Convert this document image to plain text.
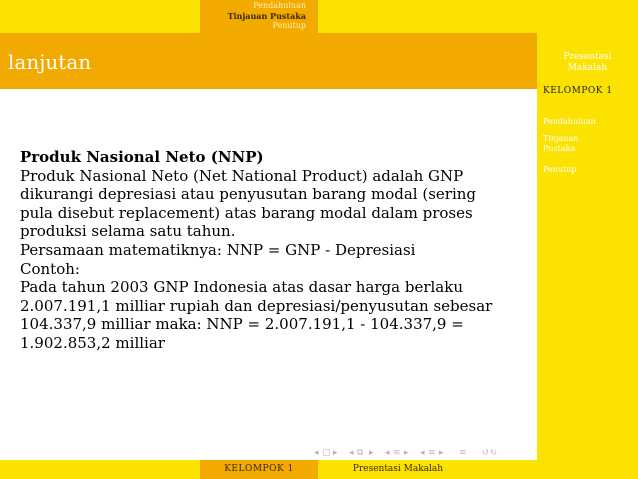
Pendahuluan
Tinjauan Pustaka
Penutup
lanjutan	Presentasi
Makalah
KELOMPOK 1
Pendahuluan
Tinjauan
Pustaka
Penutup
Produk Nasional Neto (NNP)
Produk Nasional Neto (Net National Product) adalah GNP
dikurangi depresiasi atau penyusutan barang modal (sering
pula disebut replacement) atas barang modal dalam proses
produksi selama satu tahun.
Persamaan matematiknya: NNP = GNP - Depresiasi
Contoh:
Pada tahun 2003 GNP Indonesia atas dasar harga berlaku
2.007.191,1 milliar rupiah dan depresiasi/penyusutan sebesar
104.337,9 milliar maka: NNP = 2.007.191,1 - 104.337,9 =
1.902.853,2 milliar
◂ ▢ ▸ ◂ ⧉ ▸ ◂ ≡ ▸ ◂ ≡ ▸ ≡ ↺↻
KELOMPOK 1	Presentasi Makalah
